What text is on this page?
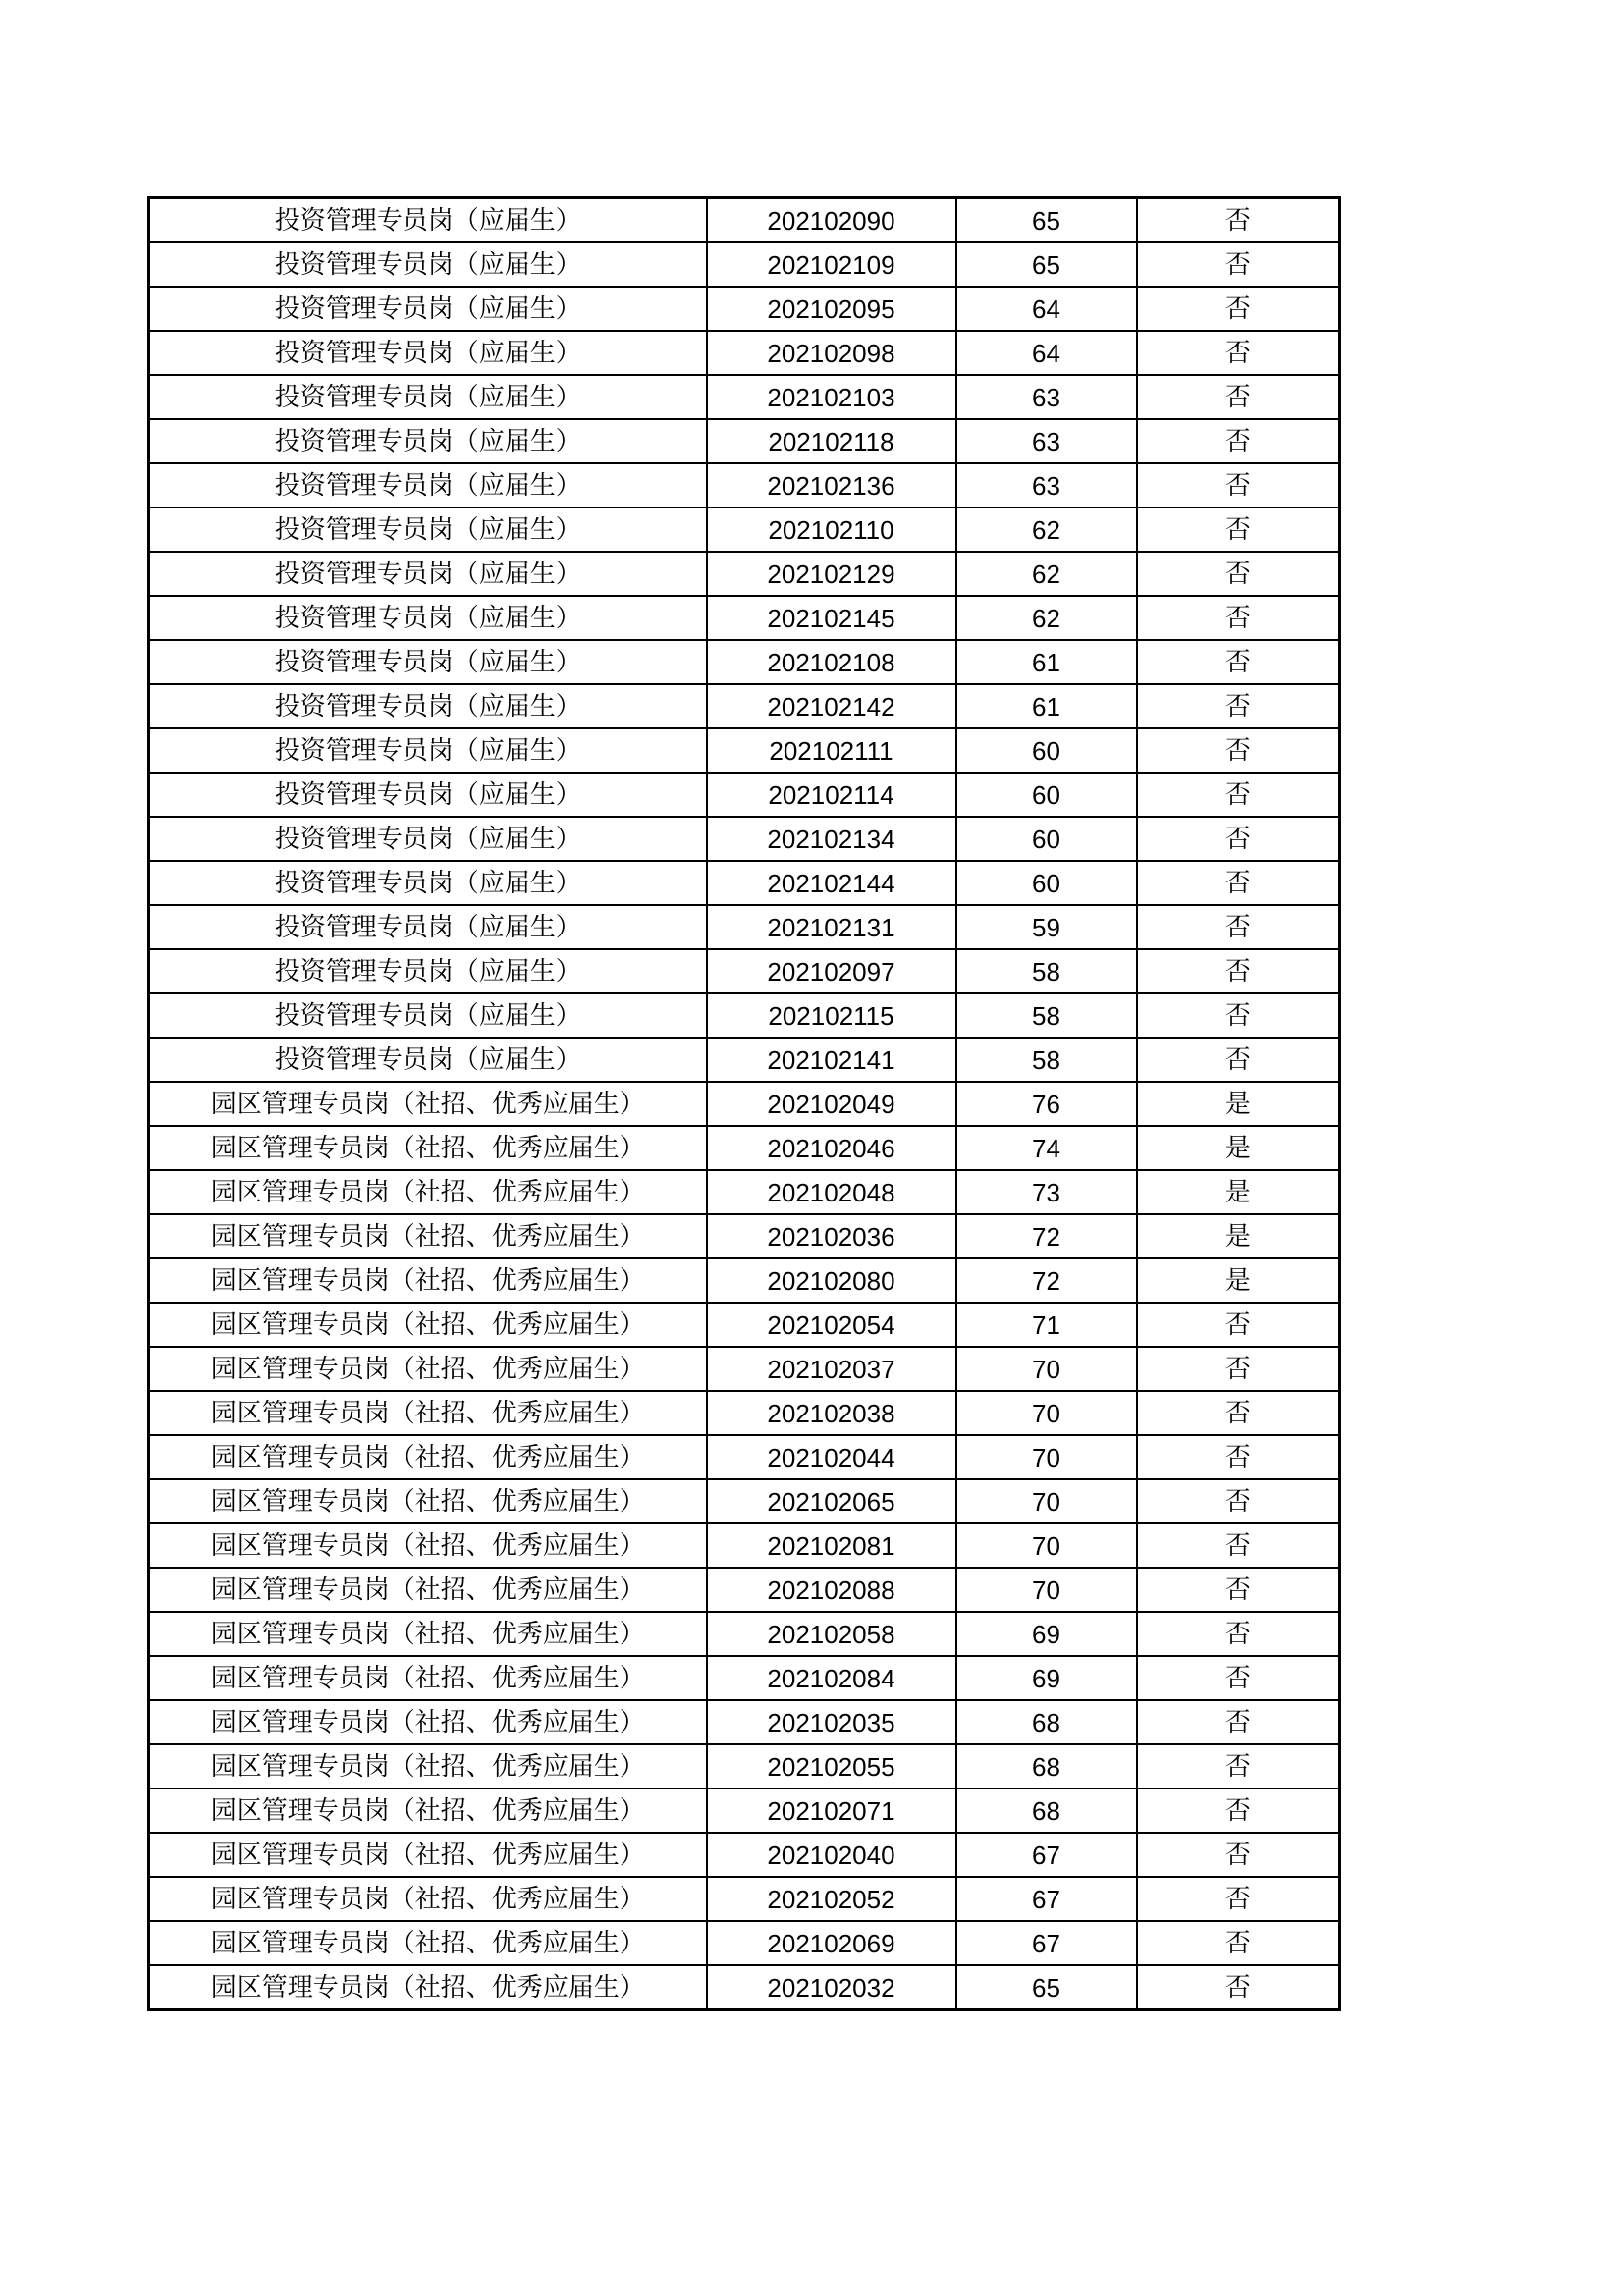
投资管理专员岗（应届生）	202102090	65	否
投资管理专员岗（应届生）	202102109	65	否
投资管理专员岗（应届生）	202102095	64	否
投资管理专员岗（应届生）	202102098	64	否
投资管理专员岗（应届生）	202102103	63	否
投资管理专员岗（应届生）	202102118	63	否
投资管理专员岗（应届生）	202102136	63	否
投资管理专员岗（应届生）	202102110	62	否
投资管理专员岗（应届生）	202102129	62	否
投资管理专员岗（应届生）	202102145	62	否
投资管理专员岗（应届生）	202102108	61	否
投资管理专员岗（应届生）	202102142	61	否
投资管理专员岗（应届生）	202102111	60	否
投资管理专员岗（应届生）	202102114	60	否
投资管理专员岗（应届生）	202102134	60	否
投资管理专员岗（应届生）	202102144	60	否
投资管理专员岗（应届生）	202102131	59	否
投资管理专员岗（应届生）	202102097	58	否
投资管理专员岗（应届生）	202102115	58	否
投资管理专员岗（应届生）	202102141	58	否
园区管理专员岗（社招、优秀应届生）	202102049	76	是
园区管理专员岗（社招、优秀应届生）	202102046	74	是
园区管理专员岗（社招、优秀应届生）	202102048	73	是
园区管理专员岗（社招、优秀应届生）	202102036	72	是
园区管理专员岗（社招、优秀应届生）	202102080	72	是
园区管理专员岗（社招、优秀应届生）	202102054	71	否
园区管理专员岗（社招、优秀应届生）	202102037	70	否
园区管理专员岗（社招、优秀应届生）	202102038	70	否
园区管理专员岗（社招、优秀应届生）	202102044	70	否
园区管理专员岗（社招、优秀应届生）	202102065	70	否
园区管理专员岗（社招、优秀应届生）	202102081	70	否
园区管理专员岗（社招、优秀应届生）	202102088	70	否
园区管理专员岗（社招、优秀应届生）	202102058	69	否
园区管理专员岗（社招、优秀应届生）	202102084	69	否
园区管理专员岗（社招、优秀应届生）	202102035	68	否
园区管理专员岗（社招、优秀应届生）	202102055	68	否
园区管理专员岗（社招、优秀应届生）	202102071	68	否
园区管理专员岗（社招、优秀应届生）	202102040	67	否
园区管理专员岗（社招、优秀应届生）	202102052	67	否
园区管理专员岗（社招、优秀应届生）	202102069	67	否
园区管理专员岗（社招、优秀应届生）	202102032	65	否
